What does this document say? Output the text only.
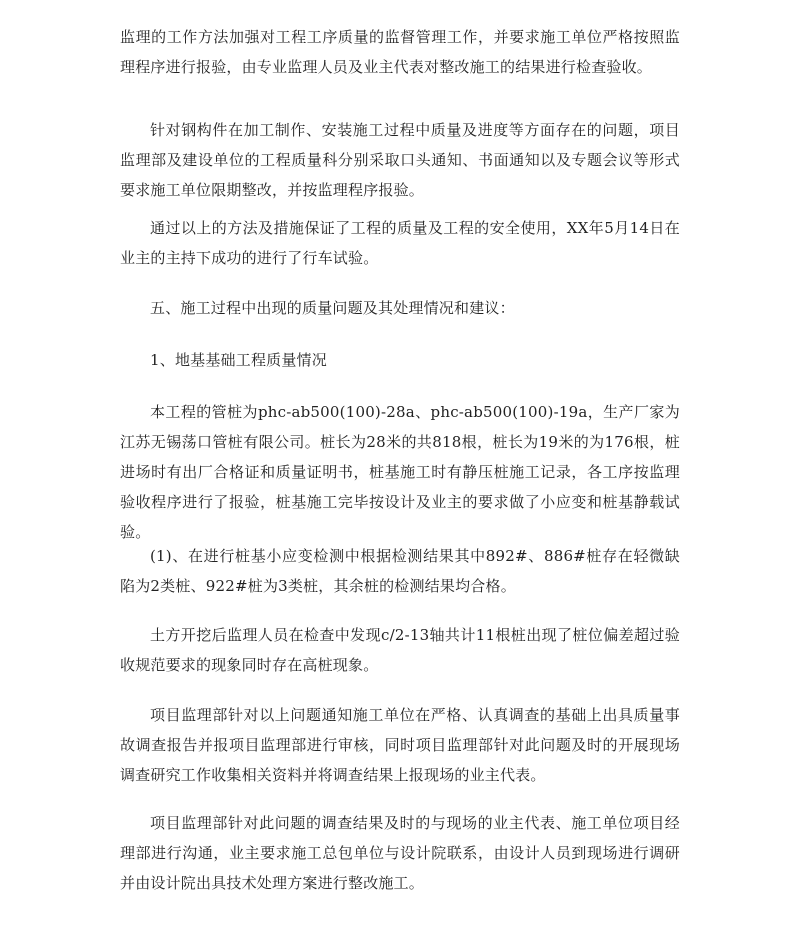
监理的工作方法加强对工程工序质量的监督管理工作，并要求施工单位严格按照监理程序进行报验，由专业监理人员及业主代表对整改施工的结果进行检查验收。

针对钢构件在加工制作、安装施工过程中质量及进度等方面存在的问题，项目监理部及建设单位的工程质量科分别采取口头通知、书面通知以及专题会议等形式要求施工单位限期整改，并按监理程序报验。

通过以上的方法及措施保证了工程的质量及工程的安全使用，XX年5月14日在业主的主持下成功的进行了行车试验。

五、施工过程中出现的质量问题及其处理情况和建议：

1、地基基础工程质量情况

本工程的管桩为phc-ab500(100)-28a、phc-ab500(100)-19a，生产厂家为江苏无锡荡口管桩有限公司。桩长为28米的共818根，桩长为19米的为176根，桩进场时有出厂合格证和质量证明书，桩基施工时有静压桩施工记录，各工序按监理验收程序进行了报验，桩基施工完毕按设计及业主的要求做了小应变和桩基静载试验。

(1)、在进行桩基小应变检测中根据检测结果其中892#、886#桩存在轻微缺陷为2类桩、922#桩为3类桩，其余桩的检测结果均合格。

土方开挖后监理人员在检查中发现c/2-13轴共计11根桩出现了桩位偏差超过验收规范要求的现象同时存在高桩现象。

项目监理部针对以上问题通知施工单位在严格、认真调查的基础上出具质量事故调查报告并报项目监理部进行审核，同时项目监理部针对此问题及时的开展现场调查研究工作收集相关资料并将调查结果上报现场的业主代表。

项目监理部针对此问题的调查结果及时的与现场的业主代表、施工单位项目经理部进行沟通，业主要求施工总包单位与设计院联系，由设计人员到现场进行调研并由设计院出具技术处理方案进行整改施工。
